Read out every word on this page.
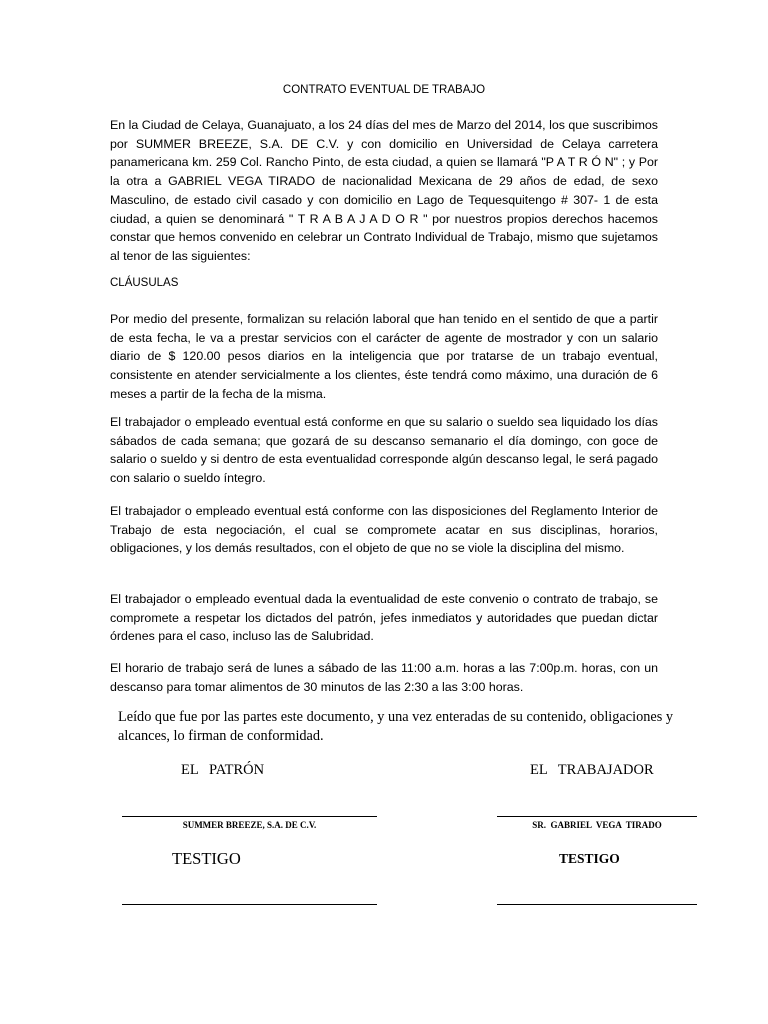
CONTRATO EVENTUAL DE TRABAJO

En la Ciudad de Celaya, Guanajuato, a los 24 días del mes de Marzo del 2014, los que suscribimos por SUMMER BREEZE, S.A. DE C.V. y con domicilio en Universidad de Celaya carretera panamericana km. 259 Col. Rancho Pinto, de esta ciudad, a quien se llamará "P A T R Ó N" ; y Por la otra a GABRIEL VEGA TIRADO de nacionalidad Mexicana de 29 años de edad, de sexo Masculino, de estado civil casado y con domicilio en Lago de Tequesquitengo # 307- 1 de esta ciudad, a quien se denominará " T R A B A J A D O R " por nuestros propios derechos hacemos constar que hemos convenido en celebrar un Contrato Individual de Trabajo, mismo que sujetamos al tenor de las siguientes:

CLÁUSULAS

Por medio del presente, formalizan su relación laboral que han tenido en el sentido de que a partir de esta fecha, le va a prestar servicios con el carácter de agente de mostrador y con un salario diario de $ 120.00 pesos diarios en la inteligencia que por tratarse de un trabajo eventual, consistente en atender servicialmente a los clientes, éste tendrá como máximo, una duración de 6 meses a partir de la fecha de la misma.

El trabajador o empleado eventual está conforme en que su salario o sueldo sea liquidado los días sábados de cada semana; que gozará de su descanso semanario el día domingo, con goce de salario o sueldo y si dentro de esta eventualidad corresponde algún descanso legal, le será pagado con salario o sueldo íntegro.

El trabajador o empleado eventual está conforme con las disposiciones del Reglamento Interior de Trabajo de esta negociación, el cual se compromete acatar en sus disciplinas, horarios, obligaciones, y los demás resultados, con el objeto de que no se viole la disciplina del mismo.

El trabajador o empleado eventual dada la eventualidad de este convenio o contrato de trabajo, se compromete a respetar los dictados del patrón, jefes inmediatos y autoridades que puedan dictar órdenes para el caso, incluso las de Salubridad.

El horario de trabajo será de lunes a sábado de las 11:00 a.m. horas a las 7:00p.m. horas, con un descanso para tomar alimentos de 30 minutos de las 2:30 a las 3:00 horas.

Leído que fue por las partes este documento, y una vez enteradas de su contenido, obligaciones y alcances, lo firman de conformidad.

EL   PATRÓN	EL   TRABAJADOR

SUMMER BREEZE, S.A. DE C.V.	SR.  GABRIEL  VEGA  TIRADO

TESTIGO	TESTIGO
